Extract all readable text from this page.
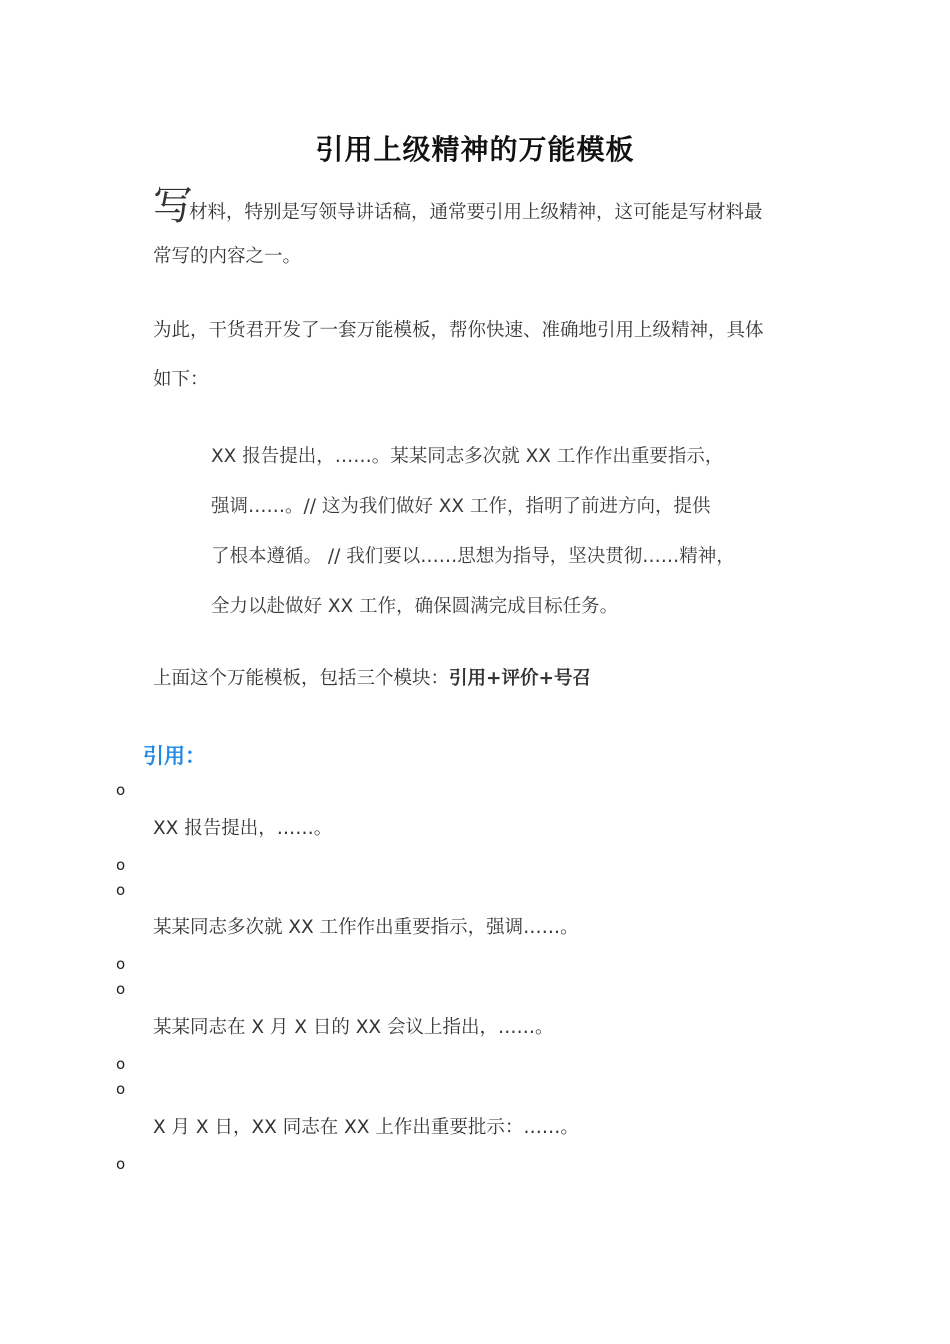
引用上级精神的万能模板
写
材料，特别是写领导讲话稿，通常要引用上级精神，这可能是写材料最
常写的内容之一。
为此，干货君开发了一套万能模板，帮你快速、准确地引用上级精神，具体
如下：
XX 报告提出，……。某某同志多次就 XX 工作作出重要指示，
强调……。// 这为我们做好 XX 工作，指明了前进方向，提供
了根本遵循。 // 我们要以……思想为指导，坚决贯彻……精神，
全力以赴做好 XX 工作，确保圆满完成目标任务。
上面这个万能模板，包括三个模块：引用+评价+号召
引用：
o
XX 报告提出，……。
o
o
某某同志多次就 XX 工作作出重要指示，强调……。
o
o
某某同志在 X 月 X 日的 XX 会议上指出，……。
o
o
X 月 X 日，XX 同志在 XX 上作出重要批示：……。
o
